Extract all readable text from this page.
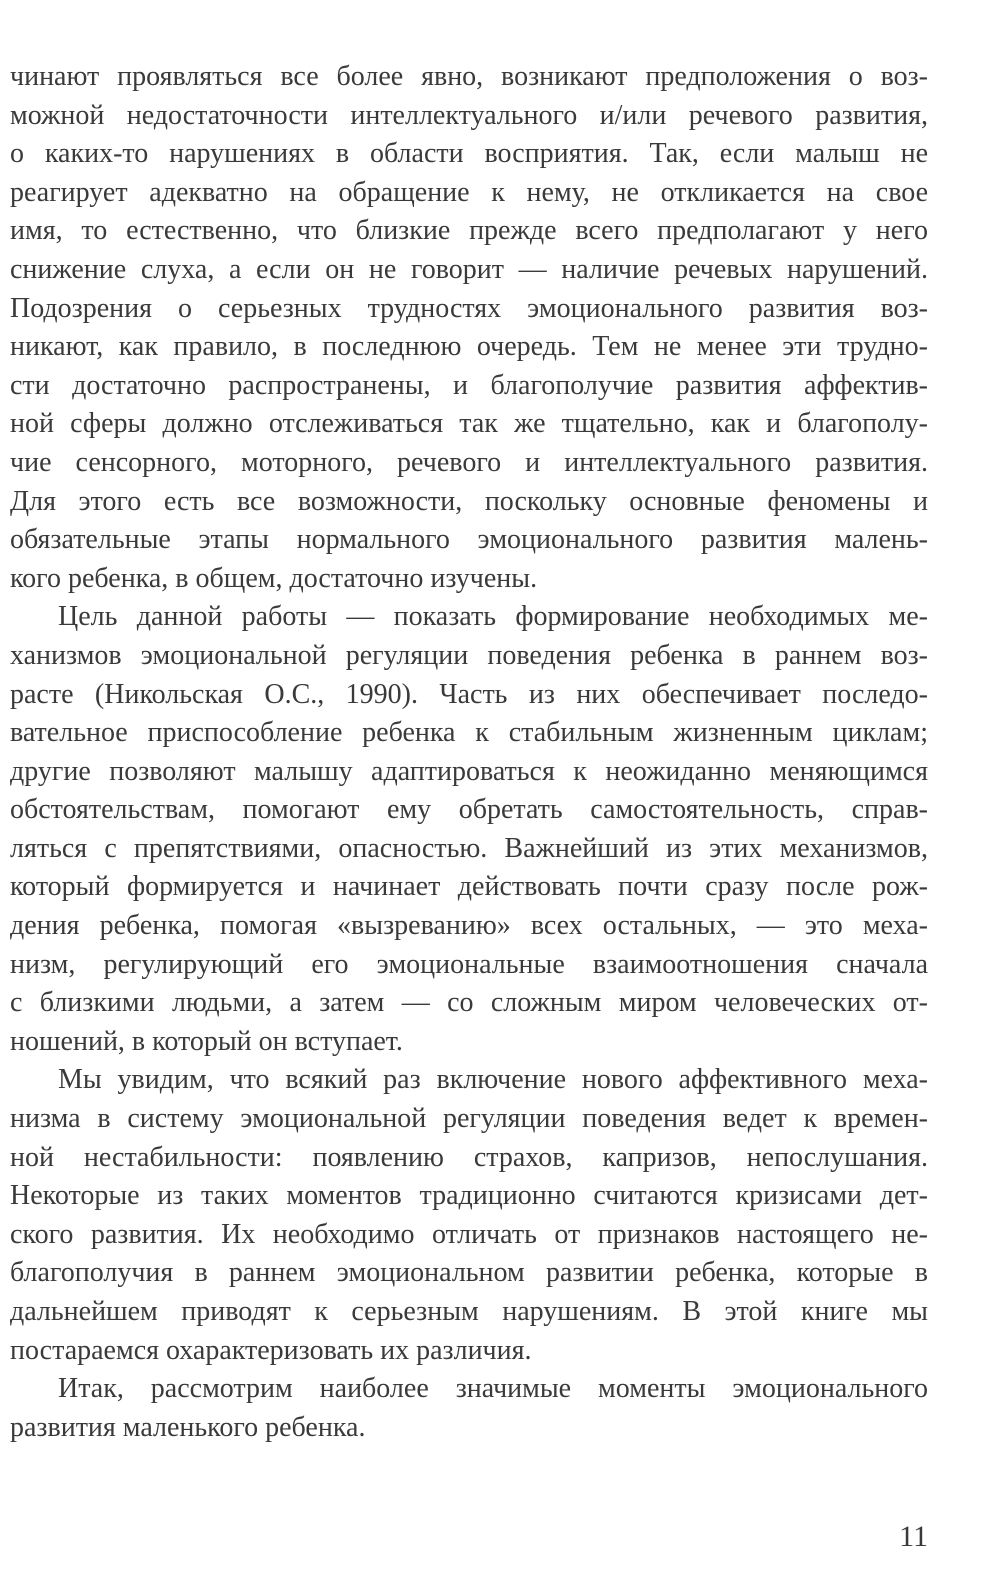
чинают проявляться все более явно, возникают предположения о воз-
можной недостаточности интеллектуального и/или речевого развития,
о каких-то нарушениях в области восприятия. Так, если малыш не
реагирует адекватно на обращение к нему, не откликается на свое
имя, то естественно, что близкие прежде всего предполагают у него
снижение слуха, а если он не говорит — наличие речевых нарушений.
Подозрения о серьезных трудностях эмоционального развития воз-
никают, как правило, в последнюю очередь. Тем не менее эти трудно-
сти достаточно распространены, и благополучие развития аффектив-
ной сферы должно отслеживаться так же тщательно, как и благополу-
чие сенсорного, моторного, речевого и интеллектуального развития.
Для этого есть все возможности, поскольку основные феномены и
обязательные этапы нормального эмоционального развития малень-
кого ребенка, в общем, достаточно изучены.
Цель данной работы — показать формирование необходимых ме-
ханизмов эмоциональной регуляции поведения ребенка в раннем воз-
расте (Никольская О.С., 1990). Часть из них обеспечивает последо-
вательное приспособление ребенка к стабильным жизненным циклам;
другие позволяют малышу адаптироваться к неожиданно меняющимся
обстоятельствам, помогают ему обретать самостоятельность, справ-
ляться с препятствиями, опасностью. Важнейший из этих механизмов,
который формируется и начинает действовать почти сразу после рож-
дения ребенка, помогая «вызреванию» всех остальных, — это меха-
низм, регулирующий его эмоциональные взаимоотношения сначала
с близкими людьми, а затем — со сложным миром человеческих от-
ношений, в который он вступает.
Мы увидим, что всякий раз включение нового аффективного меха-
низма в систему эмоциональной регуляции поведения ведет к времен-
ной нестабильности: появлению страхов, капризов, непослушания.
Некоторые из таких моментов традиционно считаются кризисами дет-
ского развития. Их необходимо отличать от признаков настоящего не-
благополучия в раннем эмоциональном развитии ребенка, которые в
дальнейшем приводят к серьезным нарушениям. В этой книге мы
постараемся охарактеризовать их различия.
Итак, рассмотрим наиболее значимые моменты эмоционального
развития маленького ребенка.
11
